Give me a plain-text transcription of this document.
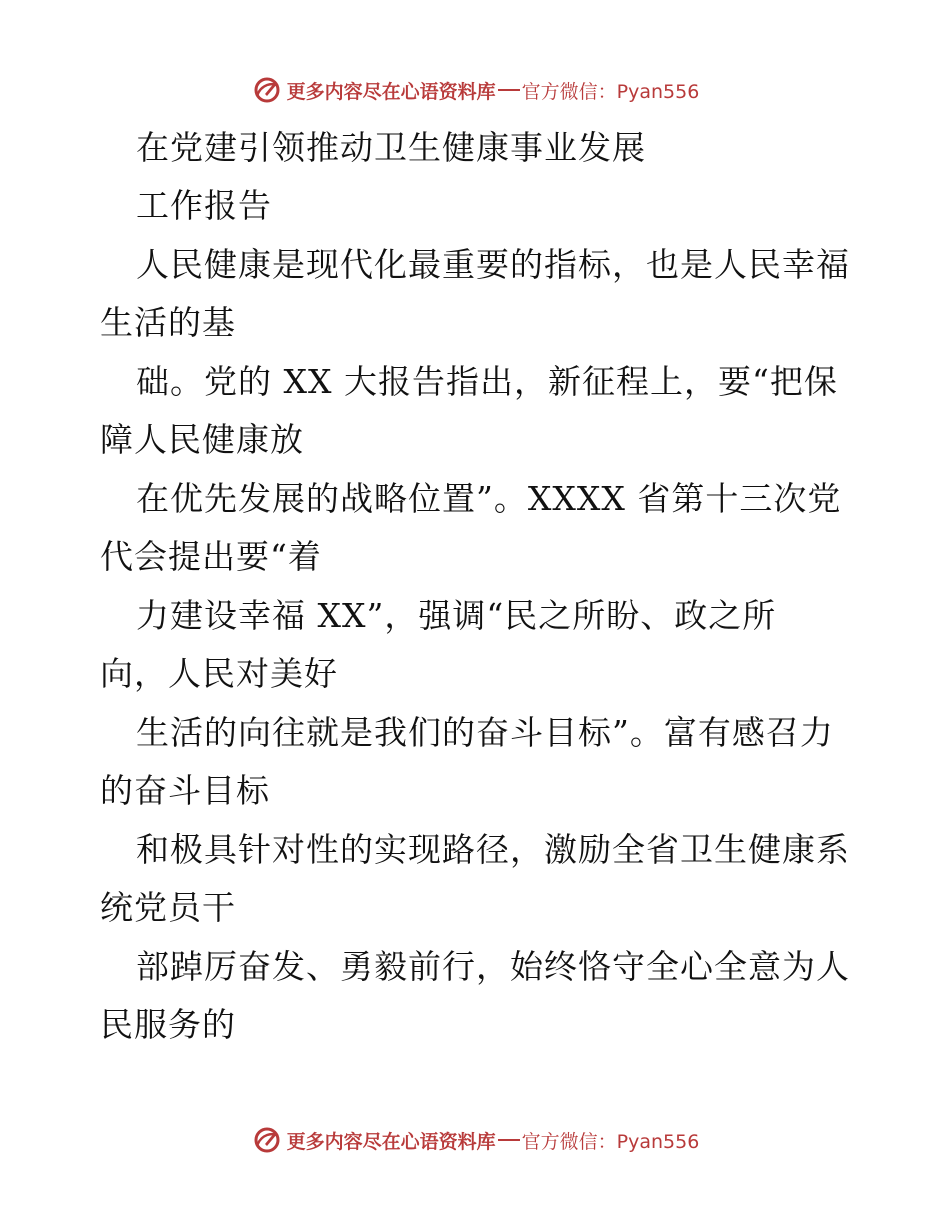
更多内容尽在心语资料库 官方微信：Pyan556
在党建引领推动卫生健康事业发展
工作报告
人民健康是现代化最重要的指标，也是人民幸福
生活的基
础。党的 XX 大报告指出，新征程上，要“把保
障人民健康放
在优先发展的战略位置”。XXXX 省第十三次党
代会提出要“着
力建设幸福 XX”，强调“民之所盼、政之所
向，人民对美好
生活的向往就是我们的奋斗目标”。富有感召力
的奋斗目标
和极具针对性的实现路径，激励全省卫生健康系
统党员干
部踔厉奋发、勇毅前行，始终恪守全心全意为人
民服务的
更多内容尽在心语资料库 官方微信：Pyan556
